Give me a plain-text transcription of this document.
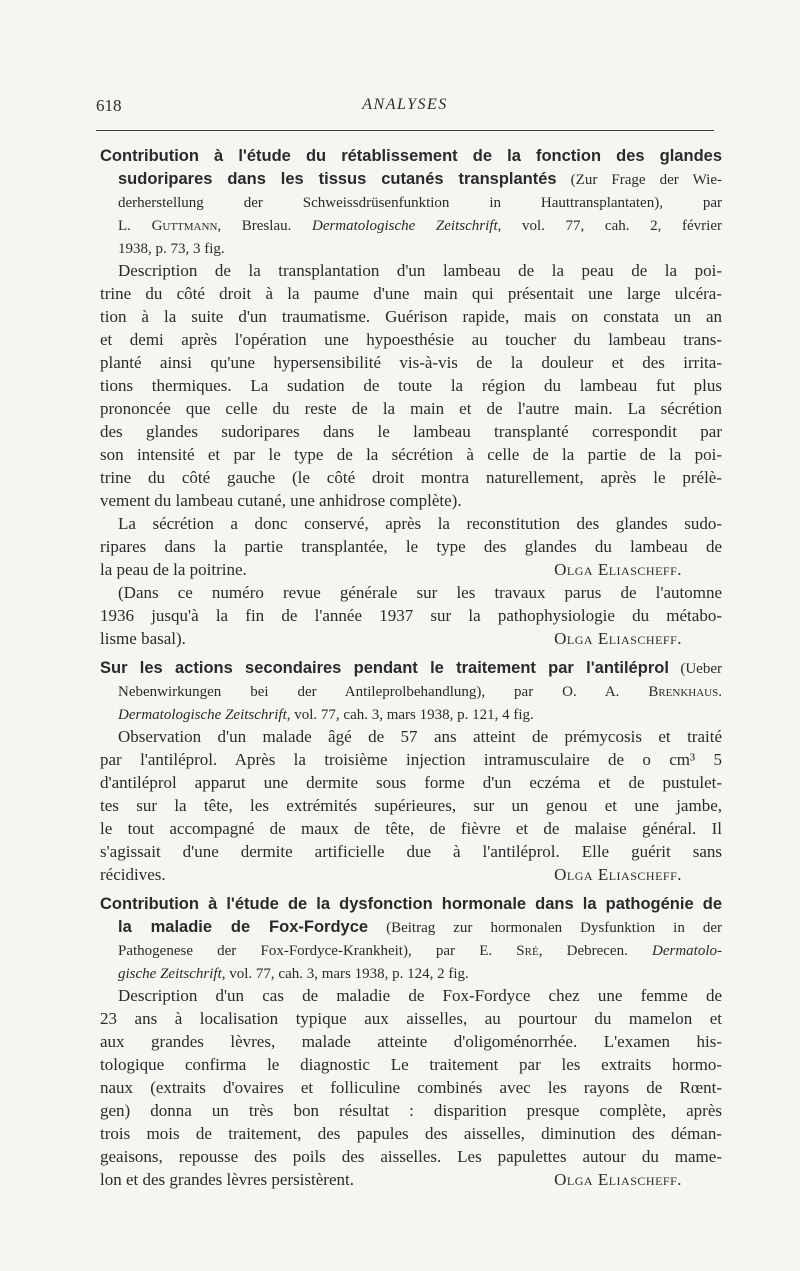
618	ANALYSES
Contribution à l'étude du rétablissement de la fonction des glandes
sudoripares dans les tissus cutanés transplantés (Zur Frage der Wie-
derherstellung der Schweissdrüsenfunktion in Hauttransplantaten), par
L. Guttmann, Breslau. Dermatologische Zeitschrift, vol. 77, cah. 2, février
1938, p. 73, 3 fig.
Description de la transplantation d'un lambeau de la peau de la poi-
trine du côté droit à la paume d'une main qui présentait une large ulcéra-
tion à la suite d'un traumatisme. Guérison rapide, mais on constata un an
et demi après l'opération une hypoesthésie au toucher du lambeau trans-
planté ainsi qu'une hypersensibilité vis-à-vis de la douleur et des irrita-
tions thermiques. La sudation de toute la région du lambeau fut plus
prononcée que celle du reste de la main et de l'autre main. La sécrétion
des glandes sudoripares dans le lambeau transplanté correspondit par
son intensité et par le type de la sécrétion à celle de la partie de la poi-
trine du côté gauche (le côté droit montra naturellement, après le prélè-
vement du lambeau cutané, une anhidrose complète).
La sécrétion a donc conservé, après la reconstitution des glandes sudo-
ripares dans la partie transplantée, le type des glandes du lambeau de
la peau de la poitrine.	Olga Eliascheff.
(Dans ce numéro revue générale sur les travaux parus de l'automne
1936 jusqu'à la fin de l'année 1937 sur la pathophysiologie du métabo-
lisme basal).	Olga Eliascheff.
Sur les actions secondaires pendant le traitement par l'antiléprol (Ueber
Nebenwirkungen bei der Antileprolbehandlung), par O. A. Brenkhaus.
Dermatologische Zeitschrift, vol. 77, cah. 3, mars 1938, p. 121, 4 fig.
Observation d'un malade âgé de 57 ans atteint de prémycosis et traité
par l'antiléprol. Après la troisième injection intramusculaire de o cm³ 5
d'antiléprol apparut une dermite sous forme d'un eczéma et de pustulet-
tes sur la tête, les extrémités supérieures, sur un genou et une jambe,
le tout accompagné de maux de tête, de fièvre et de malaise général. Il
s'agissait d'une dermite artificielle due à l'antiléprol. Elle guérit sans
récidives.	Olga Eliascheff.
Contribution à l'étude de la dysfonction hormonale dans la pathogénie de
la maladie de Fox-Fordyce (Beitrag zur hormonalen Dysfunktion in der
Pathogenese der Fox-Fordyce-Krankheit), par E. Sré, Debrecen. Dermatolo-
gische Zeitschrift, vol. 77, cah. 3, mars 1938, p. 124, 2 fig.
Description d'un cas de maladie de Fox-Fordyce chez une femme de
23 ans à localisation typique aux aisselles, au pourtour du mamelon et
aux grandes lèvres, malade atteinte d'oligoménorrhée. L'examen his-
tologique confirma le diagnostic Le traitement par les extraits hormo-
naux (extraits d'ovaires et folliculine combinés avec les rayons de Rœnt-
gen) donna un très bon résultat : disparition presque complète, après
trois mois de traitement, des papules des aisselles, diminution des déman-
geaisons, repousse des poils des aisselles. Les papulettes autour du mame-
lon et des grandes lèvres persistèrent.	Olga Eliascheff.
